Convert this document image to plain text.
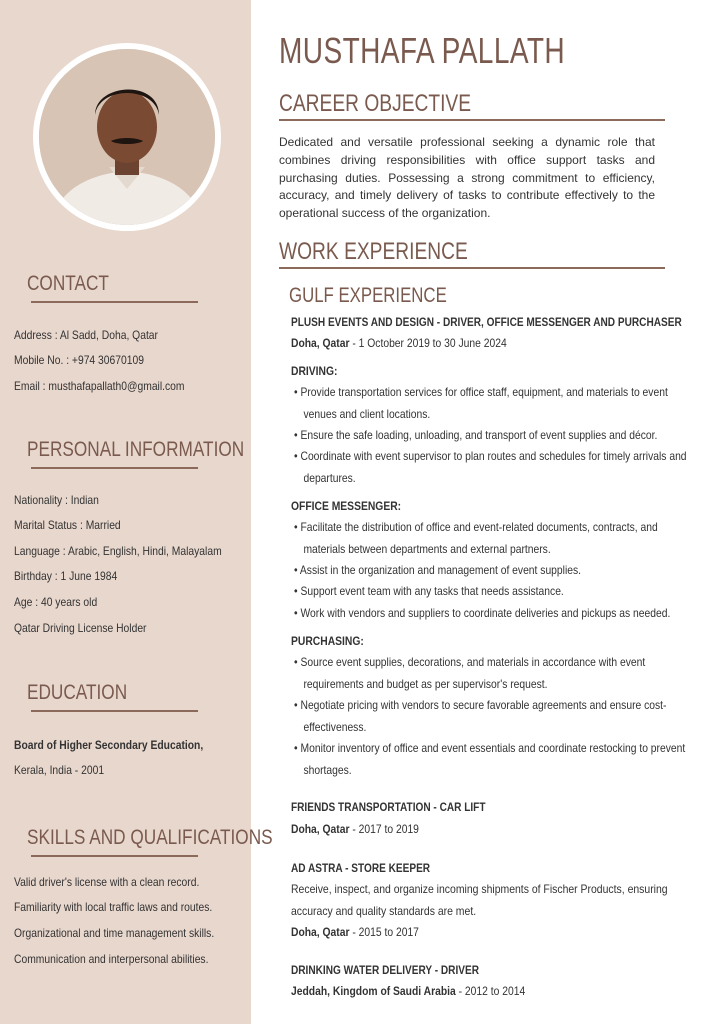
CONTACT
Address : Al Sadd, Doha, Qatar
Mobile No. : +974 30670109
Email : musthafapallath0@gmail.com
PERSONAL INFORMATION
Nationality : Indian
Marital Status : Married
Language : Arabic, English, Hindi, Malayalam
Birthday : 1 June 1984
Age : 40 years old
Qatar Driving License Holder
EDUCATION
Board of Higher Secondary Education,
Kerala, India - 2001
SKILLS AND QUALIFICATIONS
Valid driver's license with a clean record.
Familiarity with local traffic laws and routes.
Organizational and time management skills.
Communication and interpersonal abilities.
MUSTHAFA PALLATH
CAREER OBJECTIVE
Dedicated and versatile professional seeking a dynamic role that combines driving responsibilities with office support tasks and purchasing duties. Possessing a strong commitment to efficiency, accuracy, and timely delivery of tasks to contribute effectively to the operational success of the organization.
WORK EXPERIENCE
GULF EXPERIENCE
PLUSH EVENTS AND DESIGN - DRIVER, OFFICE MESSENGER AND PURCHASER
Doha, Qatar - 1 October 2019 to 30 June 2024
DRIVING:
• Provide transportation services for office staff, equipment, and materials to event venues and client locations.
• Ensure the safe loading, unloading, and transport of event supplies and décor.
• Coordinate with event supervisor to plan routes and schedules for timely arrivals and departures.
OFFICE MESSENGER:
• Facilitate the distribution of office and event-related documents, contracts, and materials between departments and external partners.
• Assist in the organization and management of event supplies.
• Support event team with any tasks that needs assistance.
• Work with vendors and suppliers to coordinate deliveries and pickups as needed.
PURCHASING:
• Source event supplies, decorations, and materials in accordance with event requirements and budget as per supervisor's request.
• Negotiate pricing with vendors to secure favorable agreements and ensure cost-effectiveness.
• Monitor inventory of office and event essentials and coordinate restocking to prevent shortages.
FRIENDS TRANSPORTATION - CAR LIFT
Doha, Qatar - 2017 to 2019
AD ASTRA - STORE KEEPER
Receive, inspect, and organize incoming shipments of Fischer Products, ensuring accuracy and quality standards are met.
Doha, Qatar - 2015 to 2017
DRINKING WATER DELIVERY - DRIVER
Jeddah, Kingdom of Saudi Arabia - 2012 to 2014
